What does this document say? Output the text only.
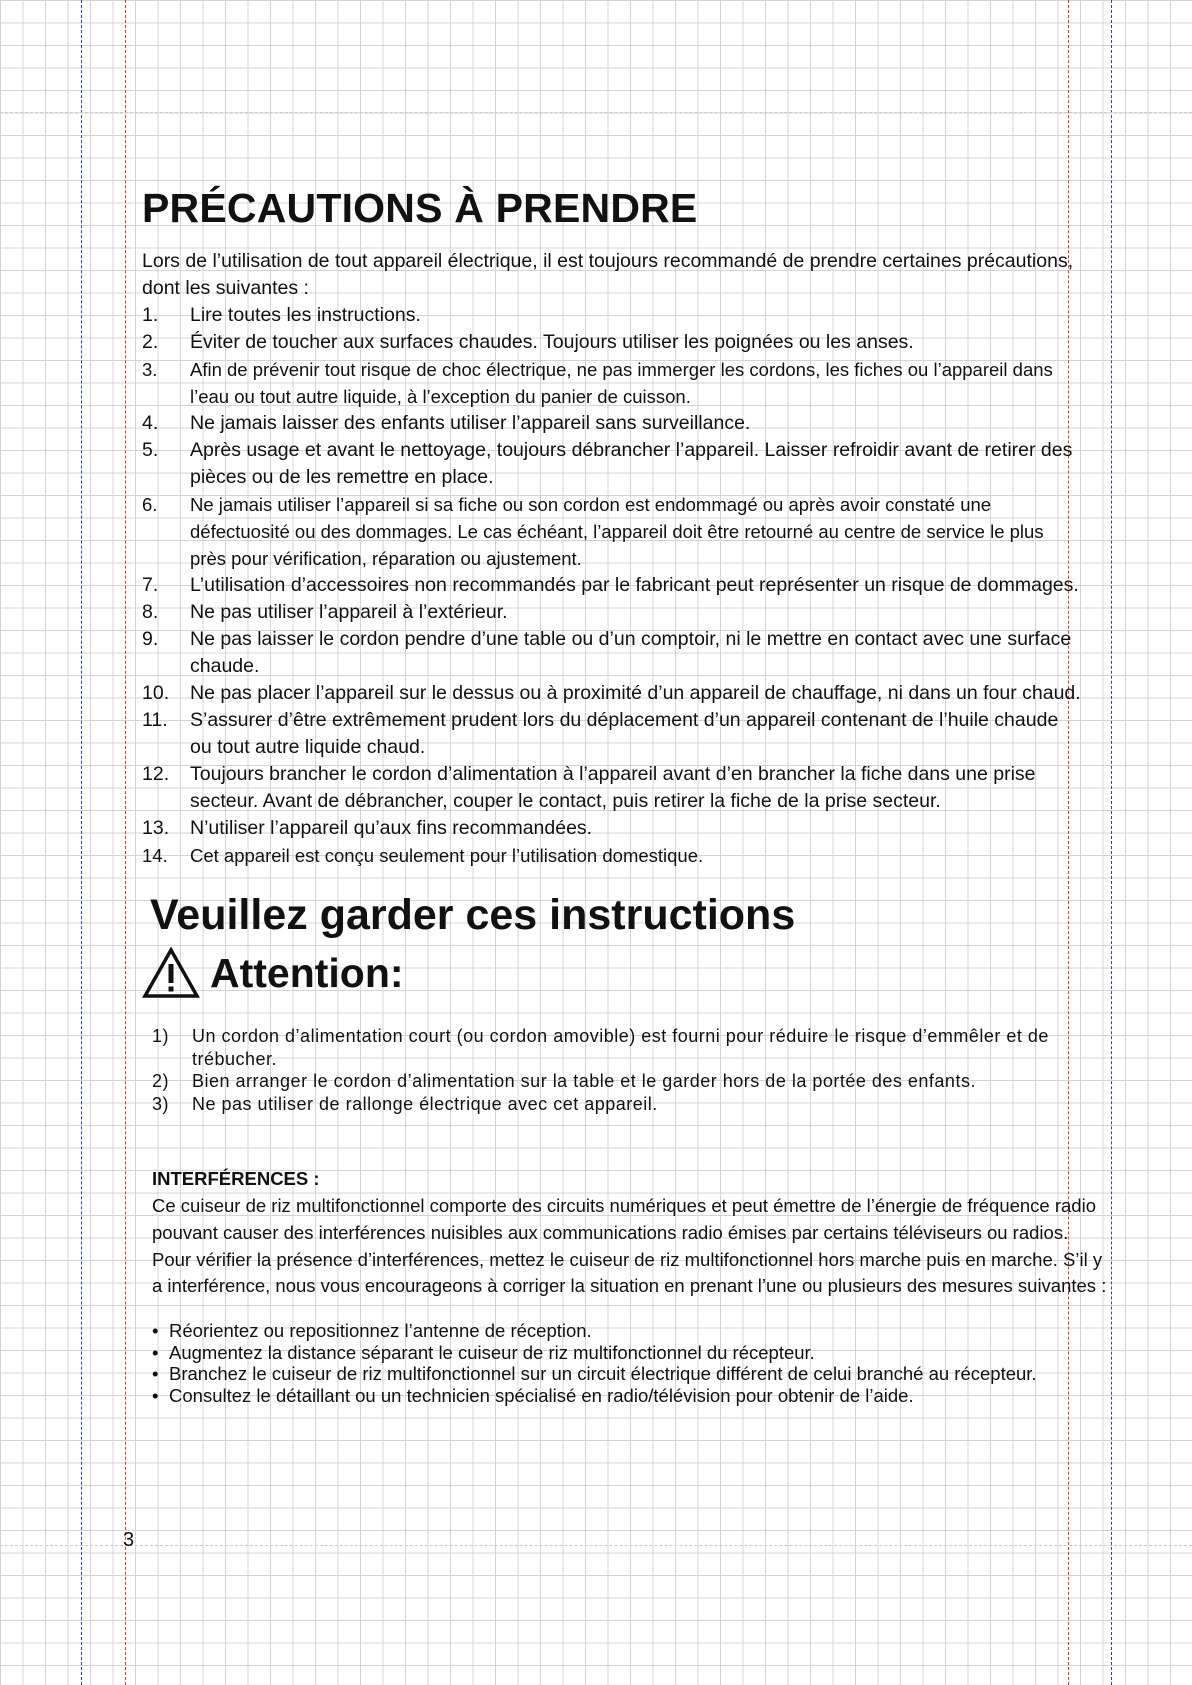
PRÉCAUTIONS À PRENDRE

Lors de l’utilisation de tout appareil électrique, il est toujours recommandé de prendre certaines précautions, dont les suivantes :

1. Lire toutes les instructions.
2. Éviter de toucher aux surfaces chaudes. Toujours utiliser les poignées ou les anses.
3. Afin de prévenir tout risque de choc électrique, ne pas immerger les cordons, les fiches ou l’appareil dans l’eau ou tout autre liquide, à l’exception du panier de cuisson.
4. Ne jamais laisser des enfants utiliser l’appareil sans surveillance.
5. Après usage et avant le nettoyage, toujours débrancher l’appareil. Laisser refroidir avant de retirer des pièces ou de les remettre en place.
6. Ne jamais utiliser l’appareil si sa fiche ou son cordon est endommagé ou après avoir constaté une défectuosité ou des dommages. Le cas échéant, l’appareil doit être retourné au centre de service le plus près pour vérification, réparation ou ajustement.
7. L’utilisation d’accessoires non recommandés par le fabricant peut représenter un risque de dommages.
8. Ne pas utiliser l’appareil à l’extérieur.
9. Ne pas laisser le cordon pendre d’une table ou d’un comptoir, ni le mettre en contact avec une surface chaude.
10. Ne pas placer l’appareil sur le dessus ou à proximité d’un appareil de chauffage, ni dans un four chaud.
11. S’assurer d’être extrêmement prudent lors du déplacement d’un appareil contenant de l’huile chaude ou tout autre liquide chaud.
12. Toujours brancher le cordon d’alimentation à l’appareil avant d’en brancher la fiche dans une prise secteur. Avant de débrancher, couper le contact, puis retirer la fiche de la prise secteur.
13. N’utiliser l’appareil qu’aux fins recommandées.
14. Cet appareil est conçu seulement pour l’utilisation domestique.
Veuillez garder ces instructions
Attention:
1) Un cordon d’alimentation court (ou cordon amovible) est fourni pour réduire le risque d’emmêler et de trébucher.
2) Bien arranger le cordon d’alimentation sur la table et le garder hors de la portée des enfants.
3) Ne pas utiliser de rallonge électrique avec cet appareil.
INTERFÉRENCES :

Ce cuiseur de riz multifonctionnel comporte des circuits numériques et peut émettre de l’énergie de fréquence radio pouvant causer des interférences nuisibles aux communications radio émises par certains téléviseurs ou radios. Pour vérifier la présence d’interférences, mettez le cuiseur de riz multifonctionnel hors marche puis en marche. S’il y a interférence, nous vous encourageons à corriger la situation en prenant l’une ou plusieurs des mesures suivantes :

• Réorientez ou repositionnez l’antenne de réception.
• Augmentez la distance séparant le cuiseur de riz multifonctionnel du récepteur.
• Branchez le cuiseur de riz multifonctionnel sur un circuit électrique différent de celui branché au récepteur.
• Consultez le détaillant ou un technicien spécialisé en radio/télévision pour obtenir de l’aide.
3
